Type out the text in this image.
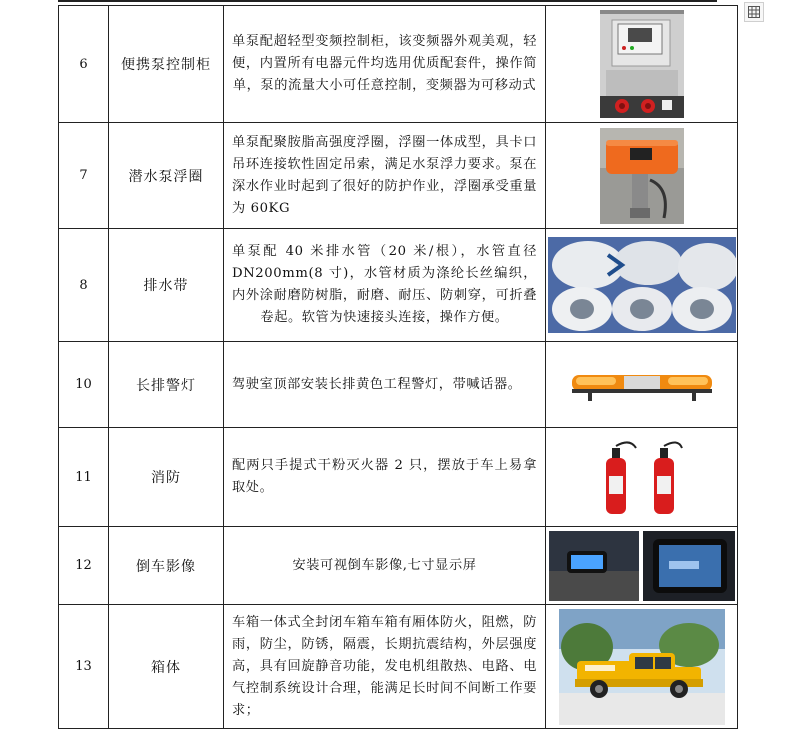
6	便携泵控制柜	单泵配超轻型变频控制柜，该变频器外观美观，轻便，内置所有电器元件均选用优质配套件，操作简单，泵的流量大小可任意控制，变频器为可移动式	
7	潜水泵浮圈	单泵配聚胺脂高强度浮圈，浮圈一体成型，具卡口吊环连接软性固定吊索，满足水泵浮力要求。泵在深水作业时起到了很好的防护作业，浮圈承受重量为 60KG	
8	排水带	单泵配 40 米排水管（20 米/根），水管直径 DN200mm(8 寸)，水管材质为涤纶长丝编织，内外涂耐磨防树脂，耐磨、耐压、防刺穿，可折叠卷起。软管为快速接头连接，操作方便。	
10	长排警灯	驾驶室顶部安装长排黄色工程警灯，带喊话器。	
11	消防	配两只手提式干粉灭火器 2 只，摆放于车上易拿取处。	
12	倒车影像	安装可视倒车影像,七寸显示屏	
13	箱体	车箱一体式全封闭车箱车箱有厢体防火，阻燃，防雨，防尘，防锈，隔震，长期抗震结构，外层强度高，具有回旋静音功能，发电机组散热、电路、电气控制系统设计合理，能满足长时间不间断工作要求；	
